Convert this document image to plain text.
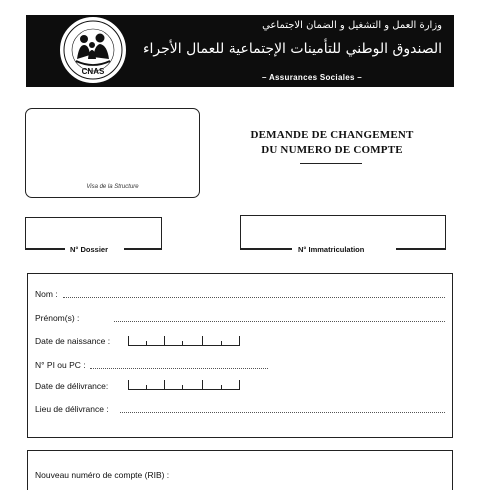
CNAS
وزارة العمل و التشغيل و الضمان الاجتماعي
الصندوق الوطني للتأمينات الإجتماعية للعمال الأجراء
– Assurances Sociales –
Visa de la Structure
DEMANDE DE CHANGEMENT
DU NUMERO DE COMPTE
N° Dossier	N° Immatriculation
Nom :
Prénom(s) :
Date de naissance :
N° PI ou PC :
Date de délivrance:
Lieu de délivrance :
Nouveau numéro de compte (RIB) :
